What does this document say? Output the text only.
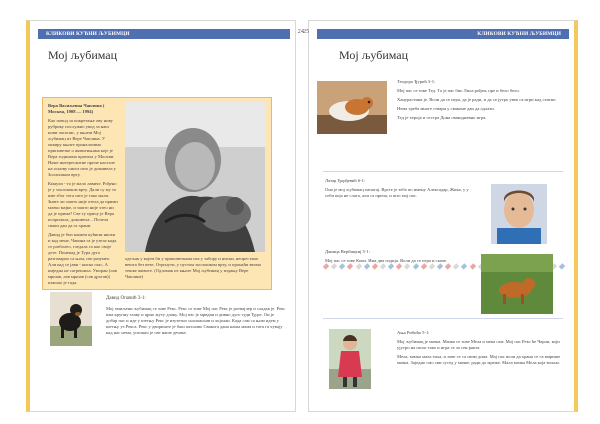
КЛИКОВИ КУЋНИ ЉУБИМЦИ	24
Мој љубимац

Вера Васиљевна Чаплина ( Москва, 1908 — 1994)

Као повод за покретање ову нову рубрику послужио увод за наш нови часопис, у књизи Мој љубимац из Вере Чаплина. У оквиру књиге проналазимо приповетке о животињама које је Вера годинама пратила у Москви. Њене интересантне приче настале на основу онога што је доживела у Зоолошком врту.

Кинули - то је мало лавиче. Рођено је у зоолошком врту. Дали су му то име због тога што је тако мали. Знате ли зашто није хтела да прими млеко мајке, и зашто није хтео ни да је прима? Све ту причу је Вера испричала, доживела... Почела сваки дан да га храни.

Давид је био нашем кућиом ниски и код мене, Чапина га је узела када се разболео, гледала га као своје дете. Понекад је Тура дуго разговарао са њом, све разумео. Али кад се јави - ниско глас, А ниједна не сагрешила. Уморан (лав мршав, лав мршав (сав дрхтав)) изашао је тада.

одељак у којем би у приповеткама иза у забору и ниски, непрестано вешта без везе, Отргнути, у пустом зоолошком врту, и пронаћи веома тешке животе. (Одломак из књиге Мој љубимац у издању Вере Чаплине)

Давид Опачић 3-1:

Мој омиљени љубимац се зове Рекс. Рекс се зове Мој пас Рекс је ротвајлер и сладак је. Рекс има крупну главу и црно жуту длаку. Мој пас је мрвдан и дивно дуго гуди Ђуре. Он је добар пас и иде у шетњу Рекс је изузетно сналажљив и лојалан. Када сам са њим идем у шетњу уз Рекса. Рекс у двориште је баш пазљиво Свакога дана наша мама и тата га чувају кад нас нема, упознао је све наше дечаке.

25	КЛИКОВИ КУЋНИ ЉУБИМЦИ
Мој љубимац

Теодора Ђурић 3-1:

Мој пас се зове Тед. Та је пас био Лила рођен, пре и бело бело.

Ханурастина је. Воли да се игра, да је ради, и да се јутро увек са игри кад стигне.

Нема треба многе ствари у свакоме дан да одлази.

Тед је хероја и сестра Дона свакодневно игра.

Лазар Ђорђевић 6-1:

Она је мој љубимац папагај. Врсте је зеба по имену Алексадар, Жика, у у себи која не слага, али са прича, и што мој пас.

Даница Вербицкиј 5-1:

Мој пас се зове Коки. Има два сидија. Воли да се игра и скаче.

Ања Рибића 5-1:

Мој љубимац је мачка. Мачка се зове Мела и мека сам. Мој пас Рекс ће Чарли, који ујутро на поље тако и игра се за сен ракта.

Мела, мачка мала тиха, и зове се са свим дома. Мој пас воли да храна се са мирише мачка. Заједно смо сви сусед у мачке, ради до мреже. Мала мачка Мела која вољно.
